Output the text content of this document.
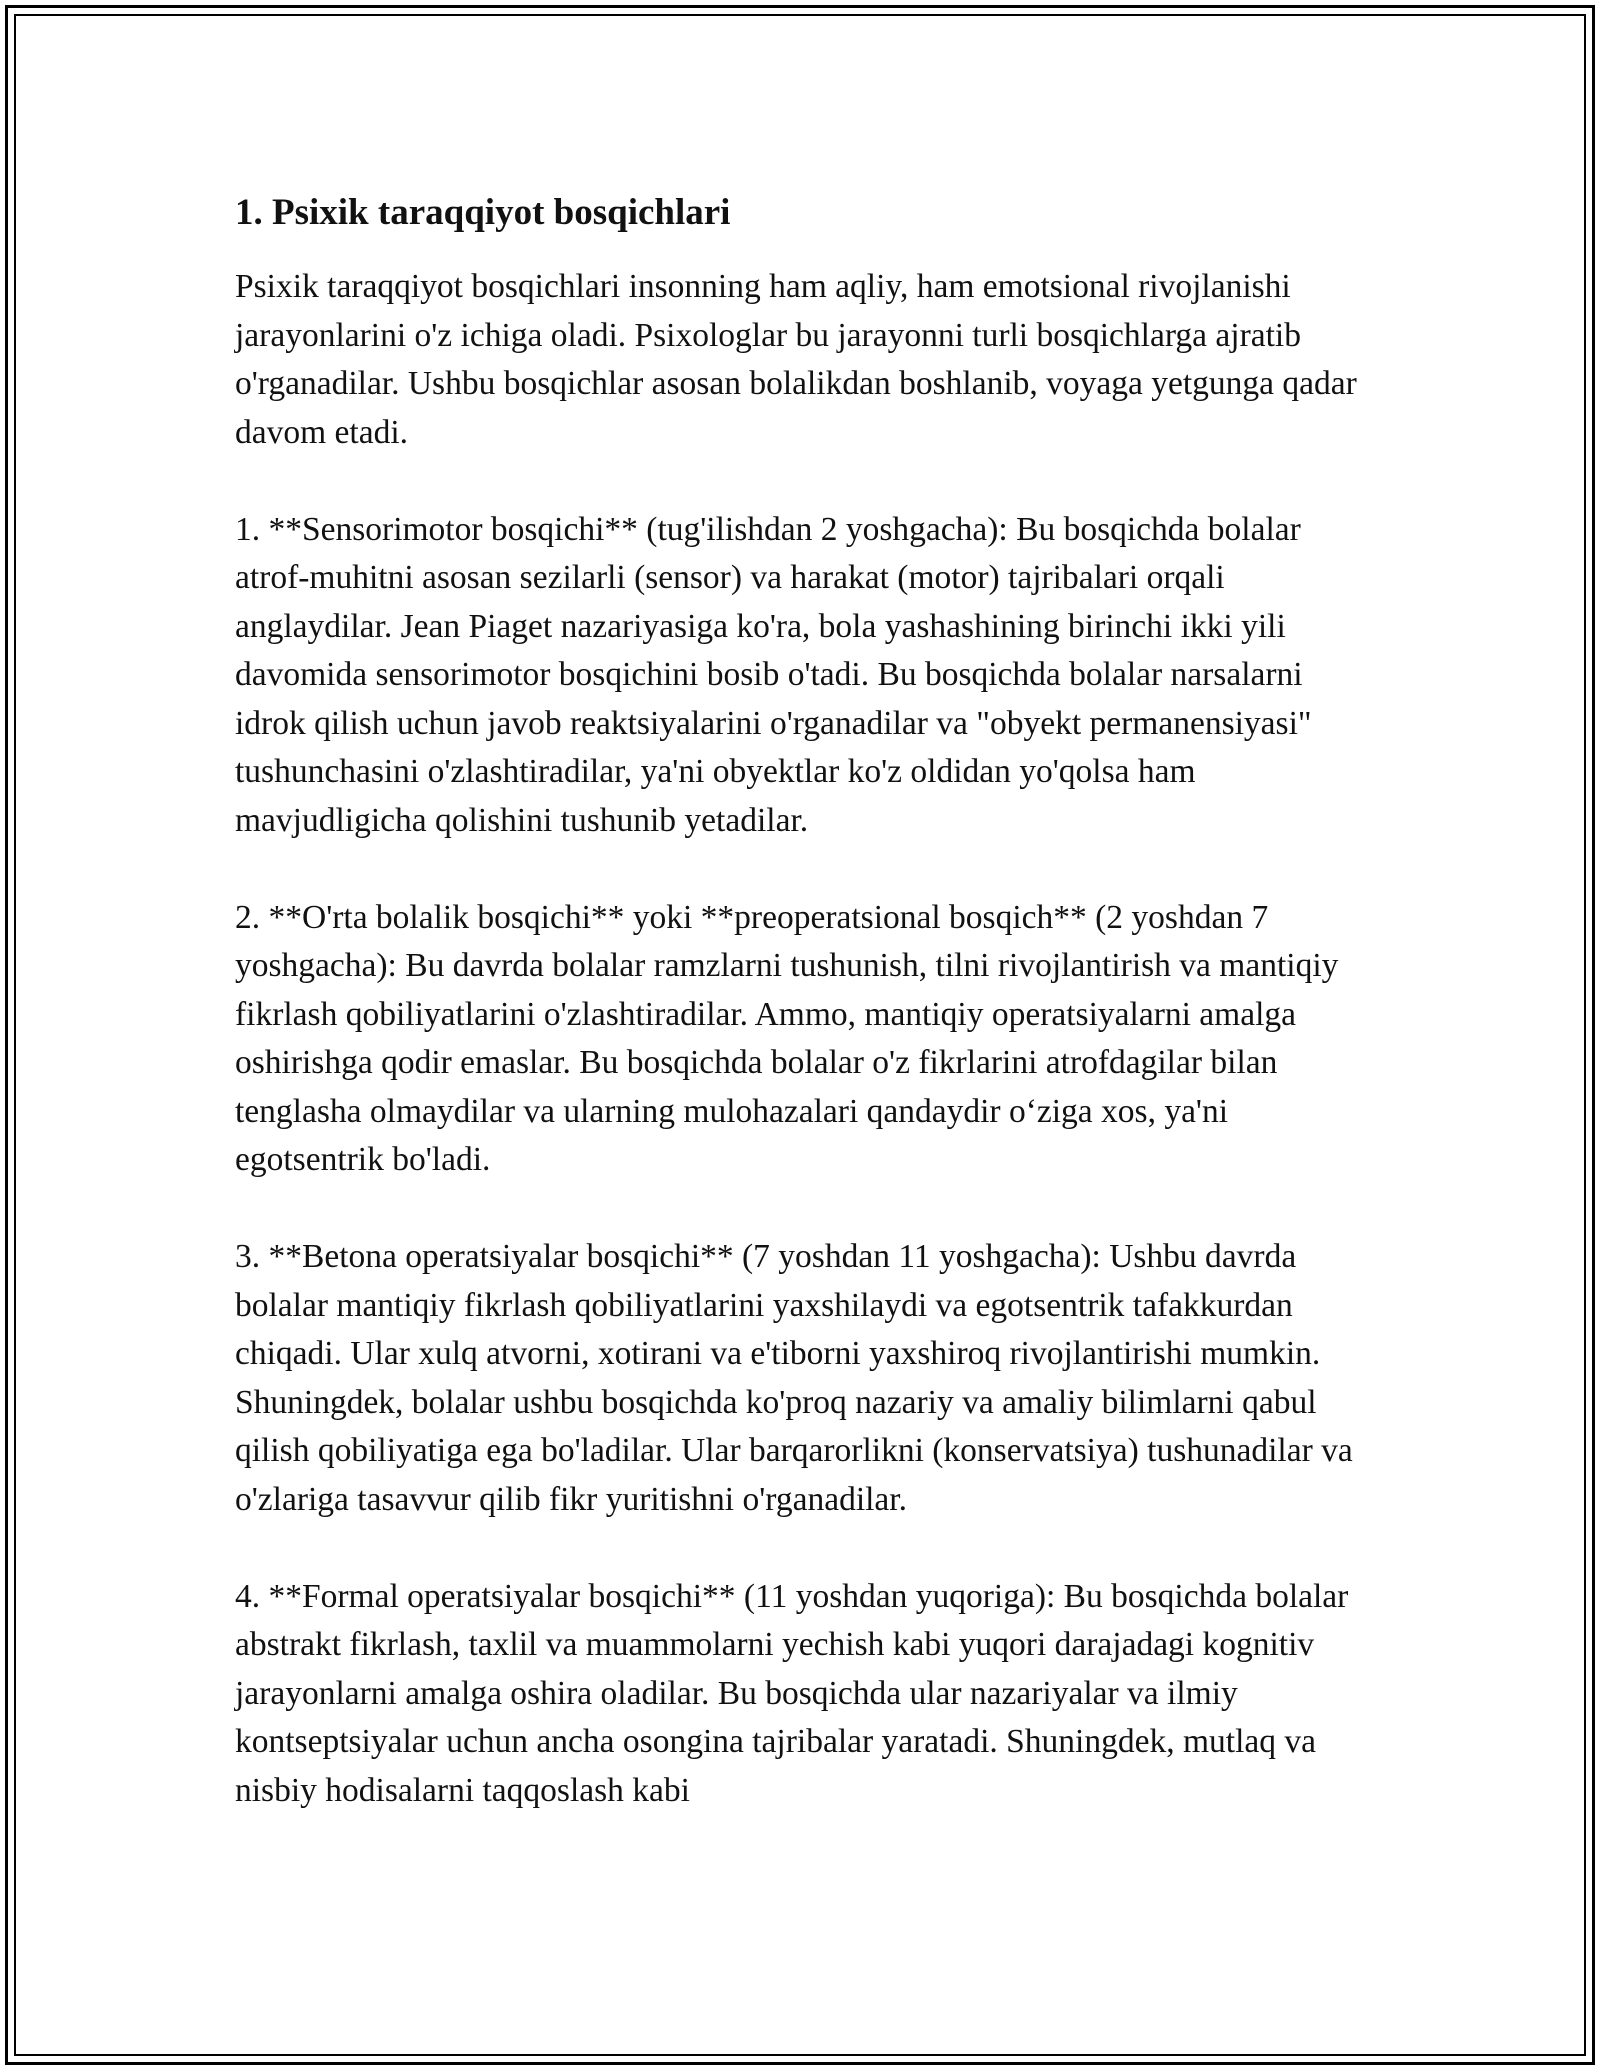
1. Psixik taraqqiyot bosqichlari

Psixik taraqqiyot bosqichlari insonning ham aqliy, ham emotsional rivojlanishi jarayonlarini o'z ichiga oladi. Psixologlar bu jarayonni turli bosqichlarga ajratib o'rganadilar. Ushbu bosqichlar asosan bolalikdan boshlanib, voyaga yetgunga qadar davom etadi.

1. **Sensorimotor bosqichi** (tug'ilishdan 2 yoshgacha): Bu bosqichda bolalar atrof-muhitni asosan sezilarli (sensor) va harakat (motor) tajribalari orqali anglaydilar. Jean Piaget nazariyasiga ko'ra, bola yashashining birinchi ikki yili davomida sensorimotor bosqichini bosib o'tadi. Bu bosqichda bolalar narsalarni idrok qilish uchun javob reaktsiyalarini o'rganadilar va "obyekt permanensiyasi" tushunchasini o'zlashtiradilar, ya'ni obyektlar ko'z oldidan yo'qolsa ham mavjudligicha qolishini tushunib yetadilar.

2. **O'rta bolalik bosqichi** yoki **preoperatsional bosqich** (2 yoshdan 7 yoshgacha): Bu davrda bolalar ramzlarni tushunish, tilni rivojlantirish va mantiqiy fikrlash qobiliyatlarini o'zlashtiradilar. Ammo, mantiqiy operatsiyalarni amalga oshirishga qodir emaslar. Bu bosqichda bolalar o'z fikrlarini atrofdagilar bilan tenglasha olmaydilar va ularning mulohazalari qandaydir o‘ziga xos, ya'ni egotsentrik bo'ladi.

3. **Betona operatsiyalar bosqichi** (7 yoshdan 11 yoshgacha): Ushbu davrda bolalar mantiqiy fikrlash qobiliyatlarini yaxshilaydi va egotsentrik tafakkurdan chiqadi. Ular xulq atvorni, xotirani va e'tiborni yaxshiroq rivojlantirishi mumkin. Shuningdek, bolalar ushbu bosqichda ko'proq nazariy va amaliy bilimlarni qabul qilish qobiliyatiga ega bo'ladilar. Ular barqarorlikni (konservatsiya) tushunadilar va o'zlariga tasavvur qilib fikr yuritishni o'rganadilar.

4. **Formal operatsiyalar bosqichi** (11 yoshdan yuqoriga): Bu bosqichda bolalar abstrakt fikrlash, taxlil va muammolarni yechish kabi yuqori darajadagi kognitiv jarayonlarni amalga oshira oladilar. Bu bosqichda ular nazariyalar va ilmiy kontseptsiyalar uchun ancha osongina tajribalar yaratadi. Shuningdek, mutlaq va nisbiy hodisalarni taqqoslash kabi
